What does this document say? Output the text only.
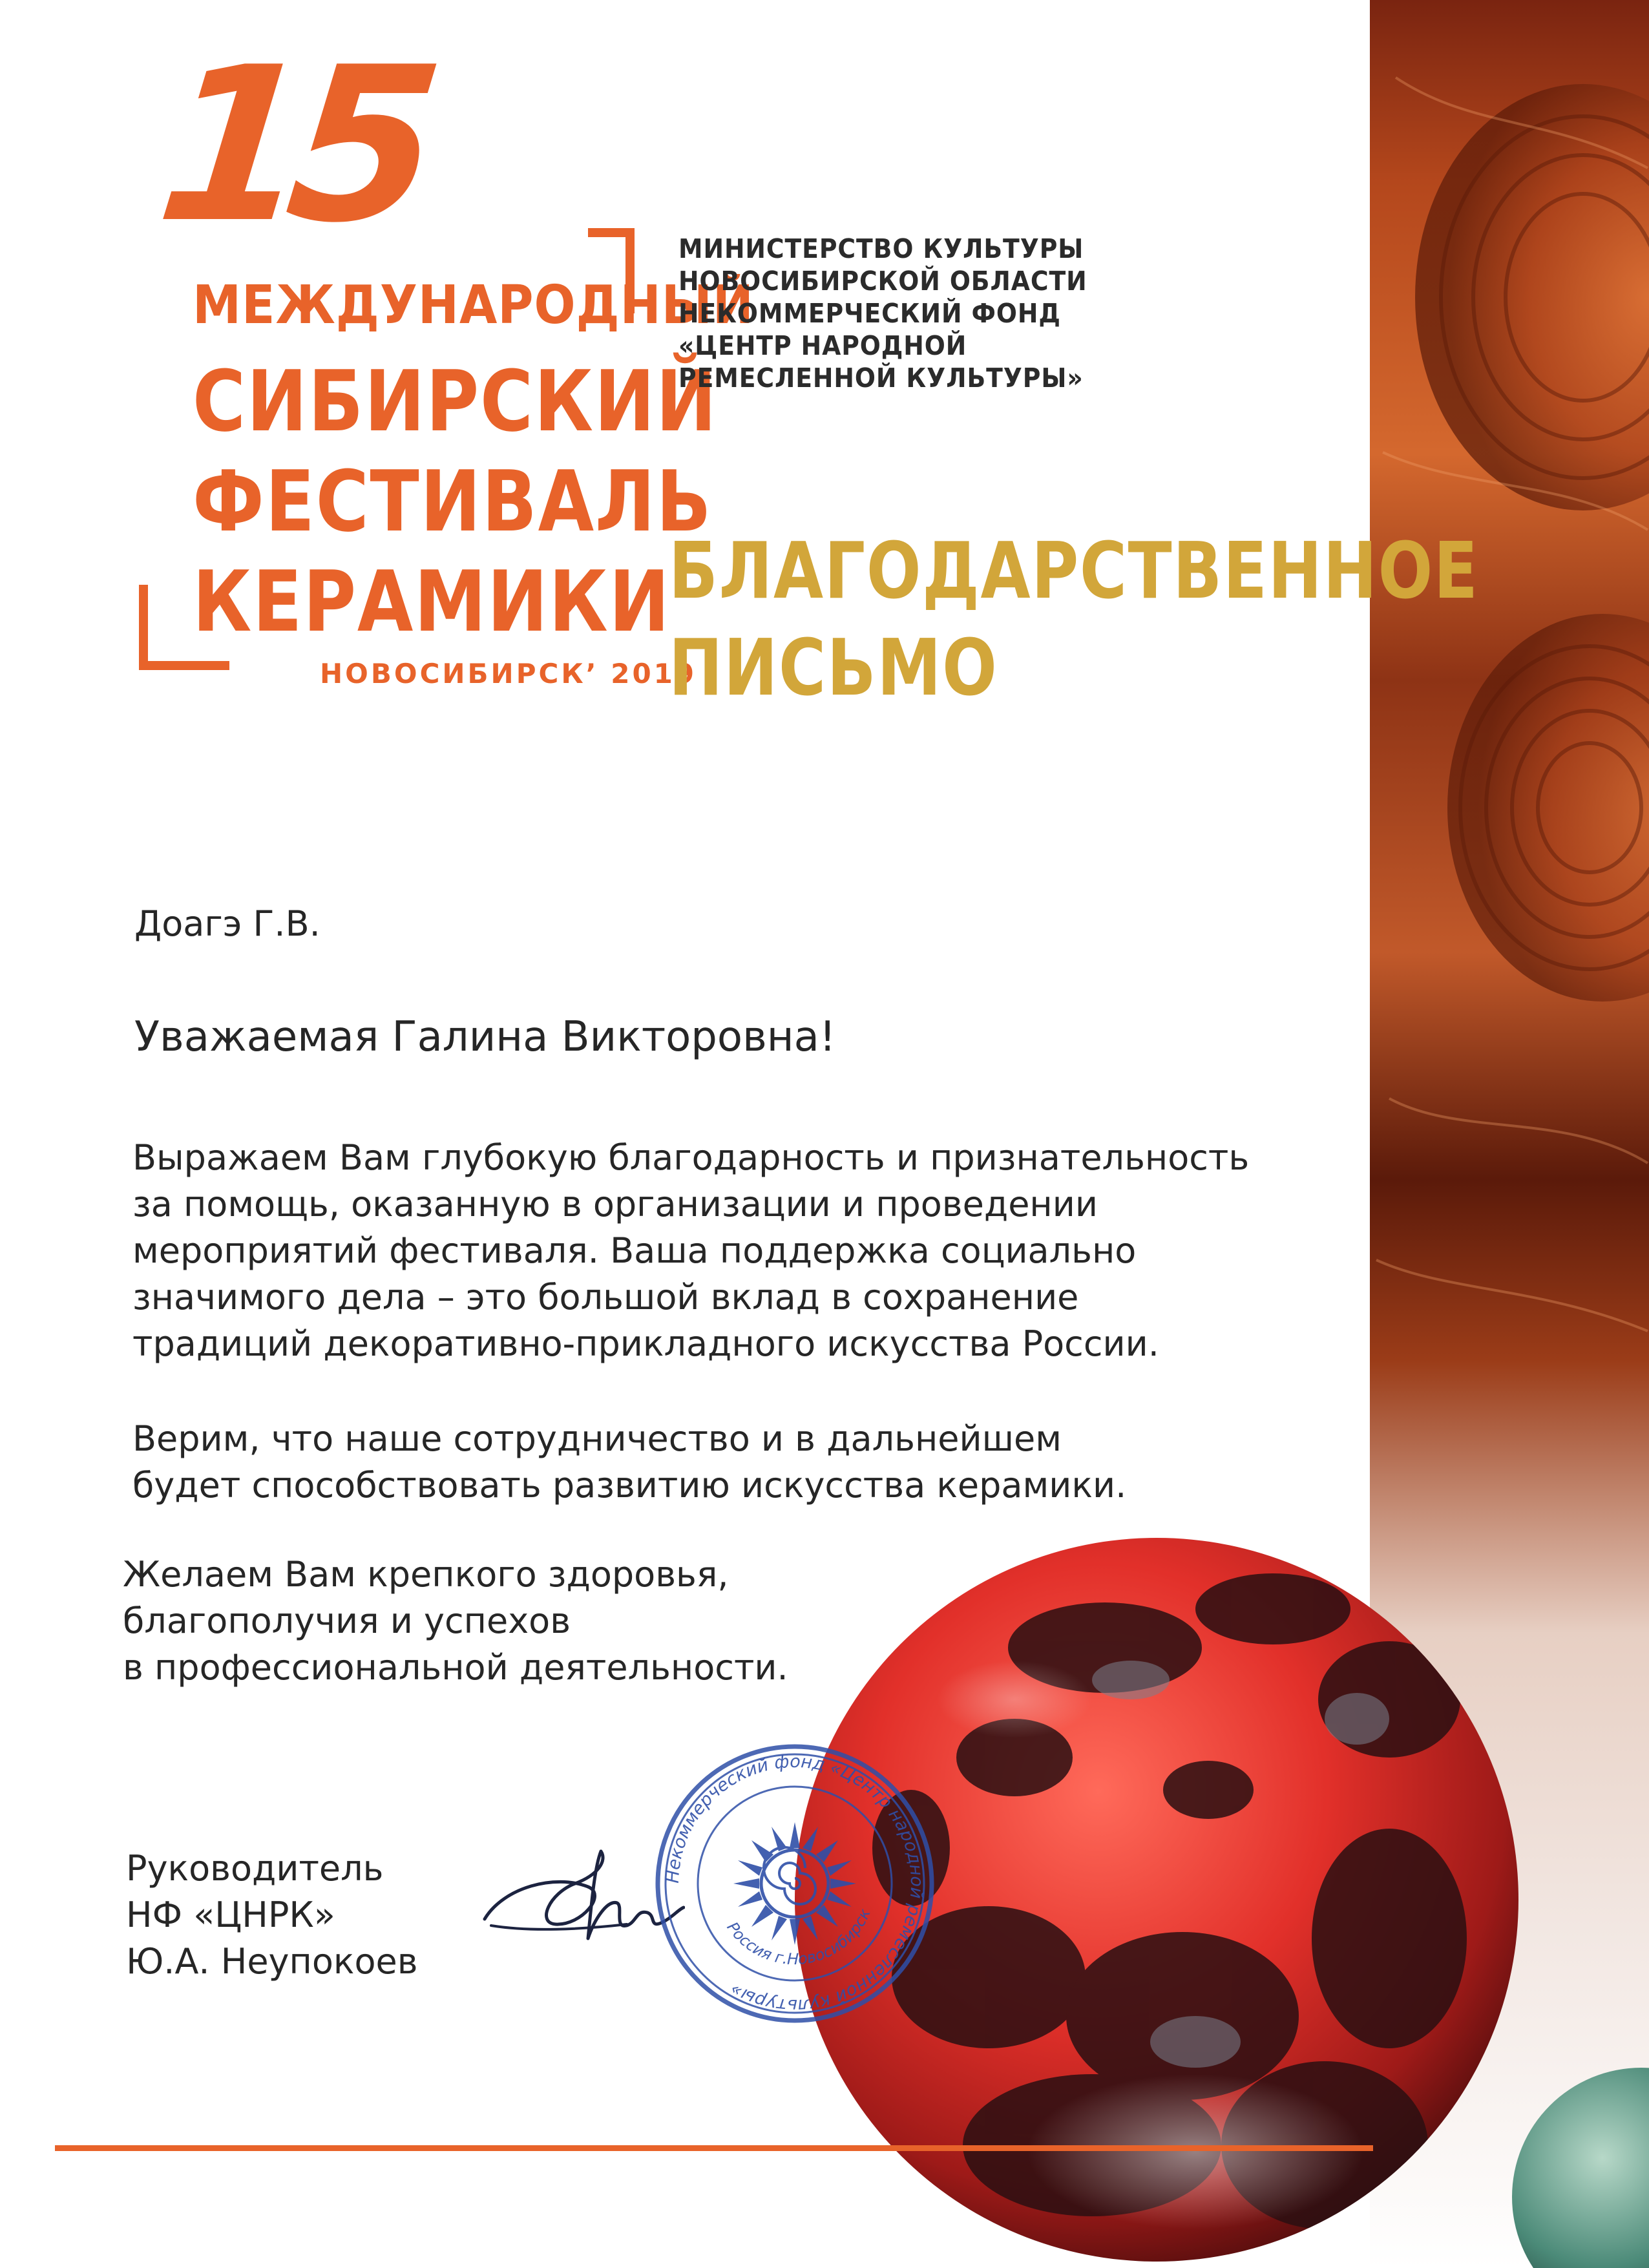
15
МЕЖДУНАРОДНЫЙ
СИБИРСКИЙ
ФЕСТИВАЛЬ
КЕРАМИКИ
НОВОСИБИРСК’ 2019
МИНИСТЕРСТВО КУЛЬТУРЫ
НОВОСИБИРСКОЙ ОБЛАСТИ
НЕКОММЕРЧЕСКИЙ ФОНД
«ЦЕНТР НАРОДНОЙ
РЕМЕСЛЕННОЙ КУЛЬТУРЫ»
БЛАГОДАРСТВЕННОЕ
ПИСЬМО
Доагэ Г.В.
Уважаемая Галина Викторовна!
Выражаем Вам глубокую благодарность и признательность
за помощь, оказанную в организации и проведении
мероприятий фестиваля. Ваша поддержка социально
значимого дела – это большой вклад в сохранение
традиций декоративно-прикладного искусства России.
Верим, что наше сотрудничество и в дальнейшем
будет способствовать развитию искусства керамики.
Желаем Вам крепкого здоровья,
благополучия и успехов
в профессиональной деятельности.
Руководитель
НФ «ЦНРК»
Ю.А. Неупокоев
Некоммерческий фонд «Центр народной ремесленной культуры»
Россия г.Новосибирск
